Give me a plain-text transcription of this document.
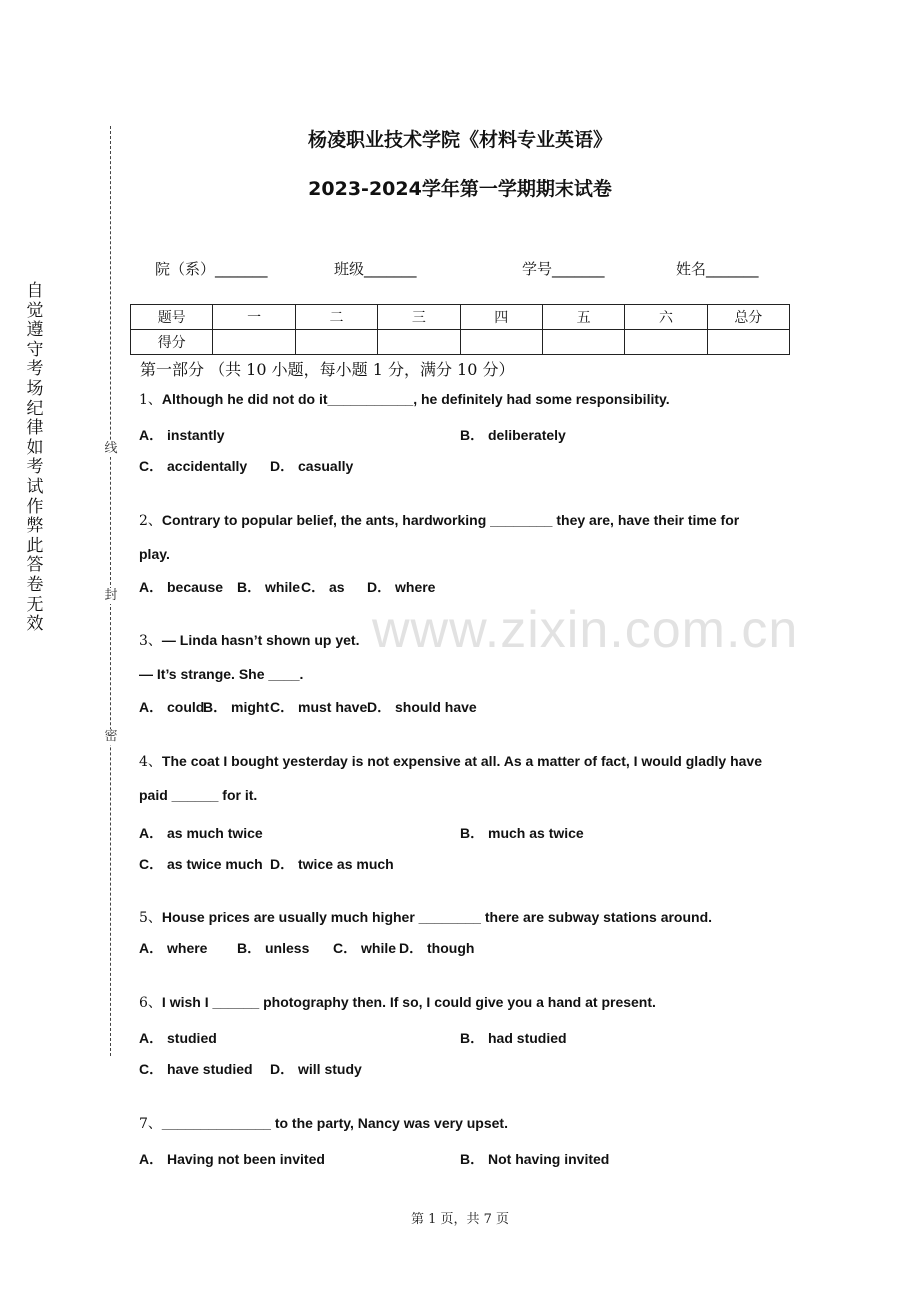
线
封
密
自觉遵守考场纪律如考试作弊此答卷无效
杨凌职业技术学院《材料专业英语》
2023-2024学年第一学期期末试卷
院（系）_______	班级_______	学号_______	姓名_______
题号	一	二	三	四	五	六	总分
得分							
第一部分 （共 10 小题，每小题 1 分，满分 10 分）
1、Although he did not do it___________, he definitely had some responsibility.
A． instantly	B． deliberately
C． accidentally D． casually
2、Contrary to popular belief, the ants, hardworking ________ they are, have their time for
play.
A． because B． while C． as D． where
3、— Linda hasn’t shown up yet.
— It’s strange. She ____.
A． could
B． might C． must have D． should have
4、The coat I bought yesterday is not expensive at all. As a matter of fact, I would gladly have
paid ______ for it.
A． as much twice	B． much as twice
C． as twice much D． twice as much
5、House prices are usually much higher ________ there are subway stations around.
A． where B． unless C． while D． though
6、I wish I ______ photography then. If so, I could give you a hand at present.
A． studied	B． had studied
C． have studied D． will study
7、______________ to the party, Nancy was very upset.
A． Having not been invited	B． Not having invited
www.zixin.com.cn
第 1 页，共 7 页
